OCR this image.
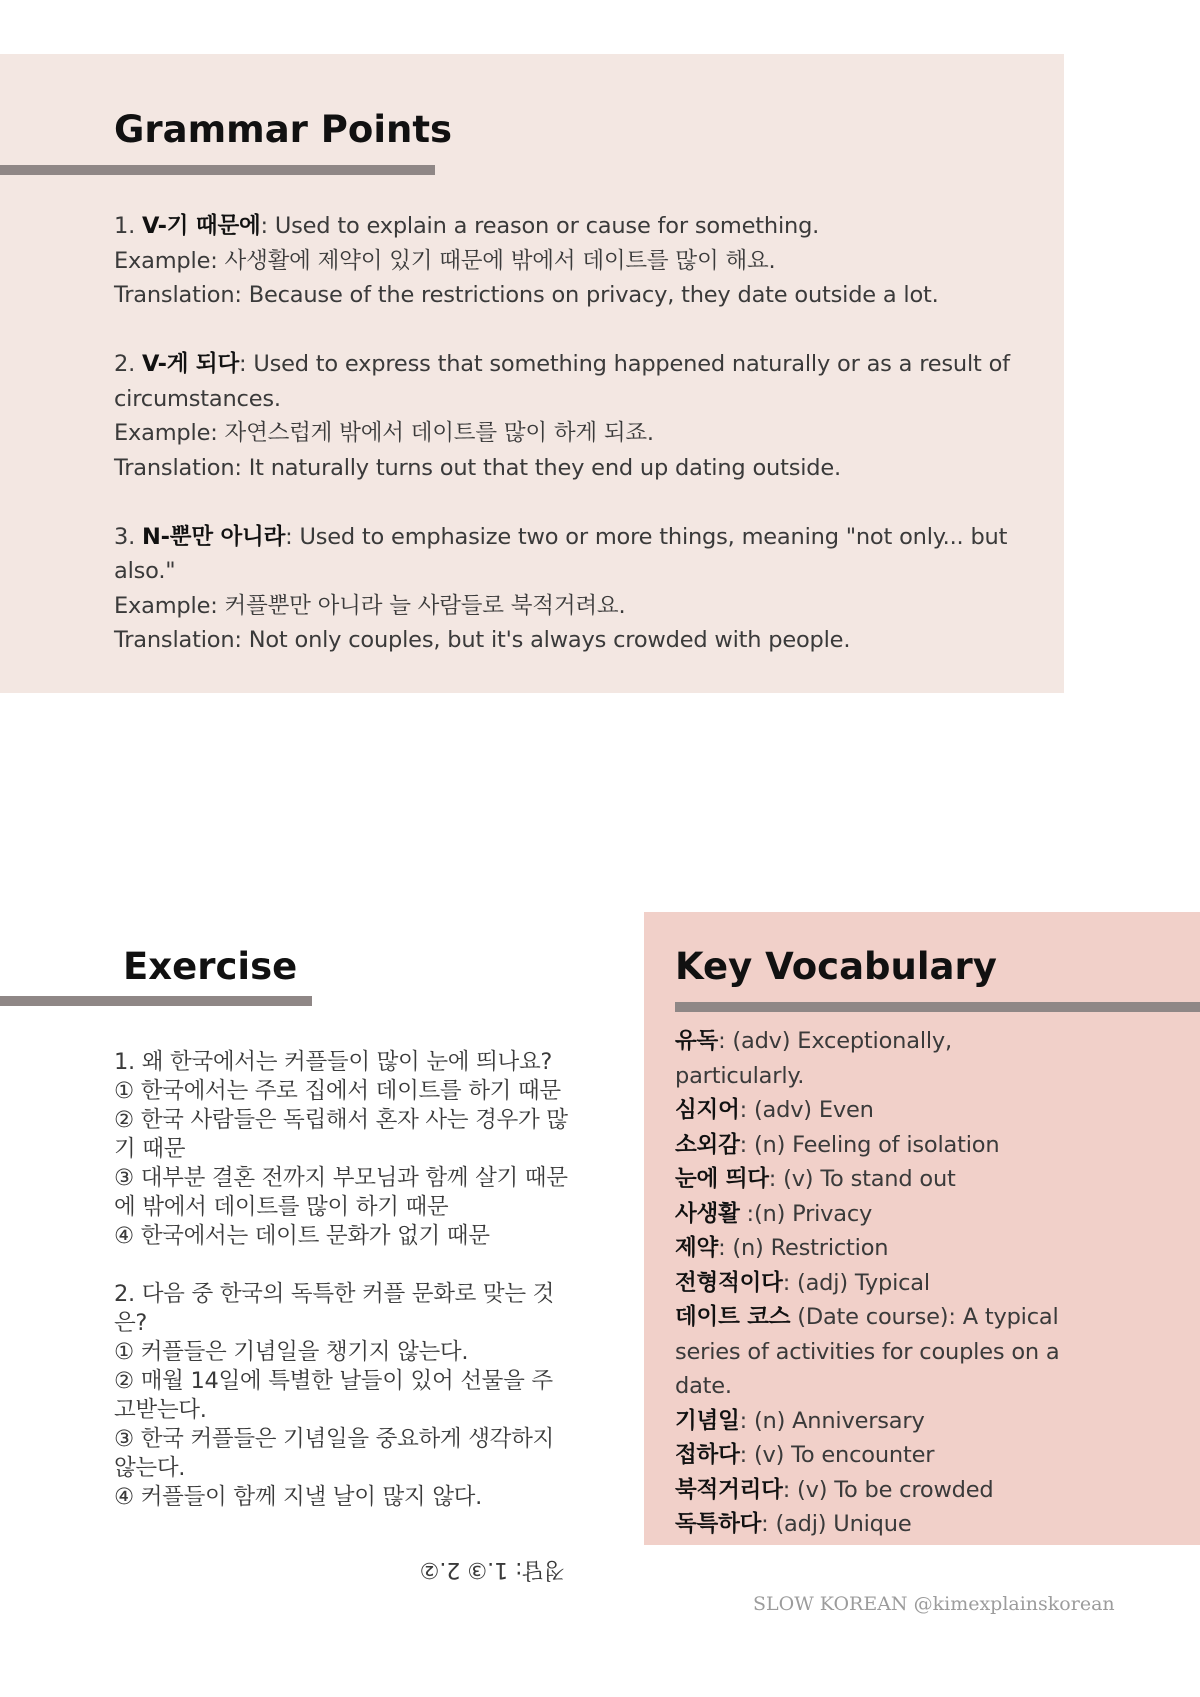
Grammar Points

1. V-기 때문에: Used to explain a reason or cause for something.

Example: 사생활에 제약이 있기 때문에 밖에서 데이트를 많이 해요.

Translation: Because of the restrictions on privacy, they date outside a lot.

2. V-게 되다: Used to express that something happened naturally or as a result of circumstances.

Example: 자연스럽게 밖에서 데이트를 많이 하게 되죠.

Translation: It naturally turns out that they end up dating outside.

3. N-뿐만 아니라: Used to emphasize two or more things, meaning "not only... but also."

Example: 커플뿐만 아니라 늘 사람들로 북적거려요.

Translation: Not only couples, but it's always crowded with people.

Exercise

1. 왜 한국에서는 커플들이 많이 눈에 띄나요?

① 한국에서는 주로 집에서 데이트를 하기 때문

② 한국 사람들은 독립해서 혼자 사는 경우가 많기 때문

③ 대부분 결혼 전까지 부모님과 함께 살기 때문에 밖에서 데이트를 많이 하기 때문

④ 한국에서는 데이트 문화가 없기 때문

2. 다음 중 한국의 독특한 커플 문화로 맞는 것은?

① 커플들은 기념일을 챙기지 않는다.

② 매월 14일에 특별한 날들이 있어 선물을 주고받는다.

③ 한국 커플들은 기념일을 중요하게 생각하지 않는다.

④ 커플들이 함께 지낼 날이 많지 않다.

정답: 1.③ 2.②
Key Vocabulary

유독: (adv) Exceptionally, particularly.

심지어: (adv) Even

소외감: (n) Feeling of isolation

눈에 띄다: (v) To stand out

사생활 :(n) Privacy

제약: (n) Restriction

전형적이다: (adj) Typical

데이트 코스 (Date course): A typical series of activities for couples on a date.

기념일: (n) Anniversary

접하다: (v) To encounter

북적거리다: (v) To be crowded

독특하다: (adj) Unique

SLOW KOREAN @kimexplainskorean
